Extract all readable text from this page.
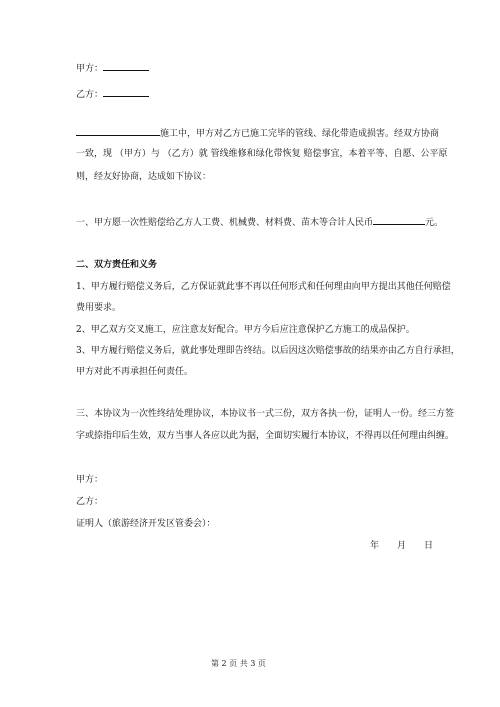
甲方：
乙方：
施工中，甲方对乙方已施工完毕的管线、绿化带造成损害。经双方协商
一致，现 （甲方）与 （乙方）就 管线维修和绿化带恢复 赔偿事宜，本着平等、自愿、公平原
则，经友好协商，达成如下协议：
一、甲方愿一次性赔偿给乙方人工费、机械费、材料费、苗木等合计人民币	元。
二、双方责任和义务
1、甲方履行赔偿义务后，乙方保证就此事不再以任何形式和任何理由向甲方提出其他任何赔偿
费用要求。
2、甲乙双方交叉施工，应注意友好配合。甲方今后应注意保护乙方施工的成品保护。
3、甲方履行赔偿义务后，就此事处理即告终结。以后因这次赔偿事故的结果亦由乙方自行承担，
甲方对此不再承担任何责任。
三、本协议为一次性终结处理协议，本协议书一式三份，双方各执一份，证明人一份。经三方签
字或捺指印后生效，双方当事人各应以此为据，全面切实履行本协议，不得再以任何理由纠缠。
甲方：
乙方：
证明人（旅游经济开发区管委会）：
年　　月　　日
第 2 页 共 3 页
